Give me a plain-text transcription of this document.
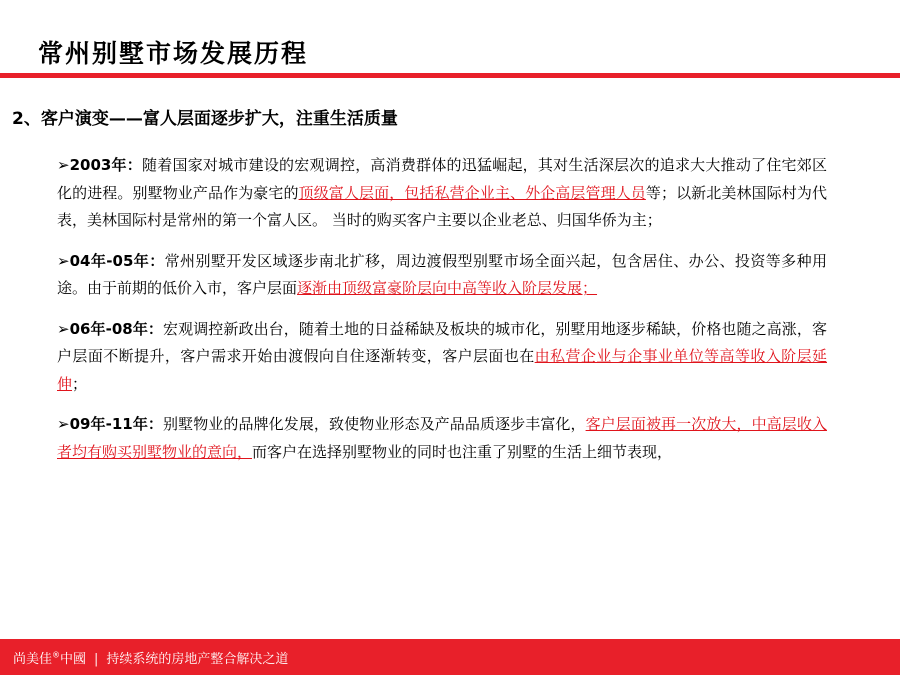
常州别墅市场发展历程
2、客户演变——富人层面逐步扩大，注重生活质量

➢2003年：随着国家对城市建设的宏观调控，高消费群体的迅猛崛起，其对生活深层次的追求大大推动了住宅郊区化的进程。别墅物业产品作为豪宅的顶级富人层面，包括私营企业主、外企高层管理人员等；以新北美林国际村为代表，美林国际村是常州的第一个富人区。 当时的购买客户主要以企业老总、归国华侨为主；

➢04年-05年：常州别墅开发区域逐步南北扩移，周边渡假型别墅市场全面兴起，包含居住、办公、投资等多种用途。由于前期的低价入市，客户层面逐渐由顶级富豪阶层向中高等收入阶层发展；

➢06年-08年：宏观调控新政出台，随着土地的日益稀缺及板块的城市化，别墅用地逐步稀缺，价格也随之高涨，客户层面不断提升，客户需求开始由渡假向自住逐渐转变，客户层面也在由私营企业与企事业单位等高等收入阶层延伸；

➢09年-11年：别墅物业的品牌化发展，致使物业形态及产品品质逐步丰富化，客户层面被再一次放大，中高层收入者均有购买别墅物业的意向，而客户在选择别墅物业的同时也注重了别墅的生活上细节表现，

尚美佳®中國 | 持续系统的房地产整合解决之道
